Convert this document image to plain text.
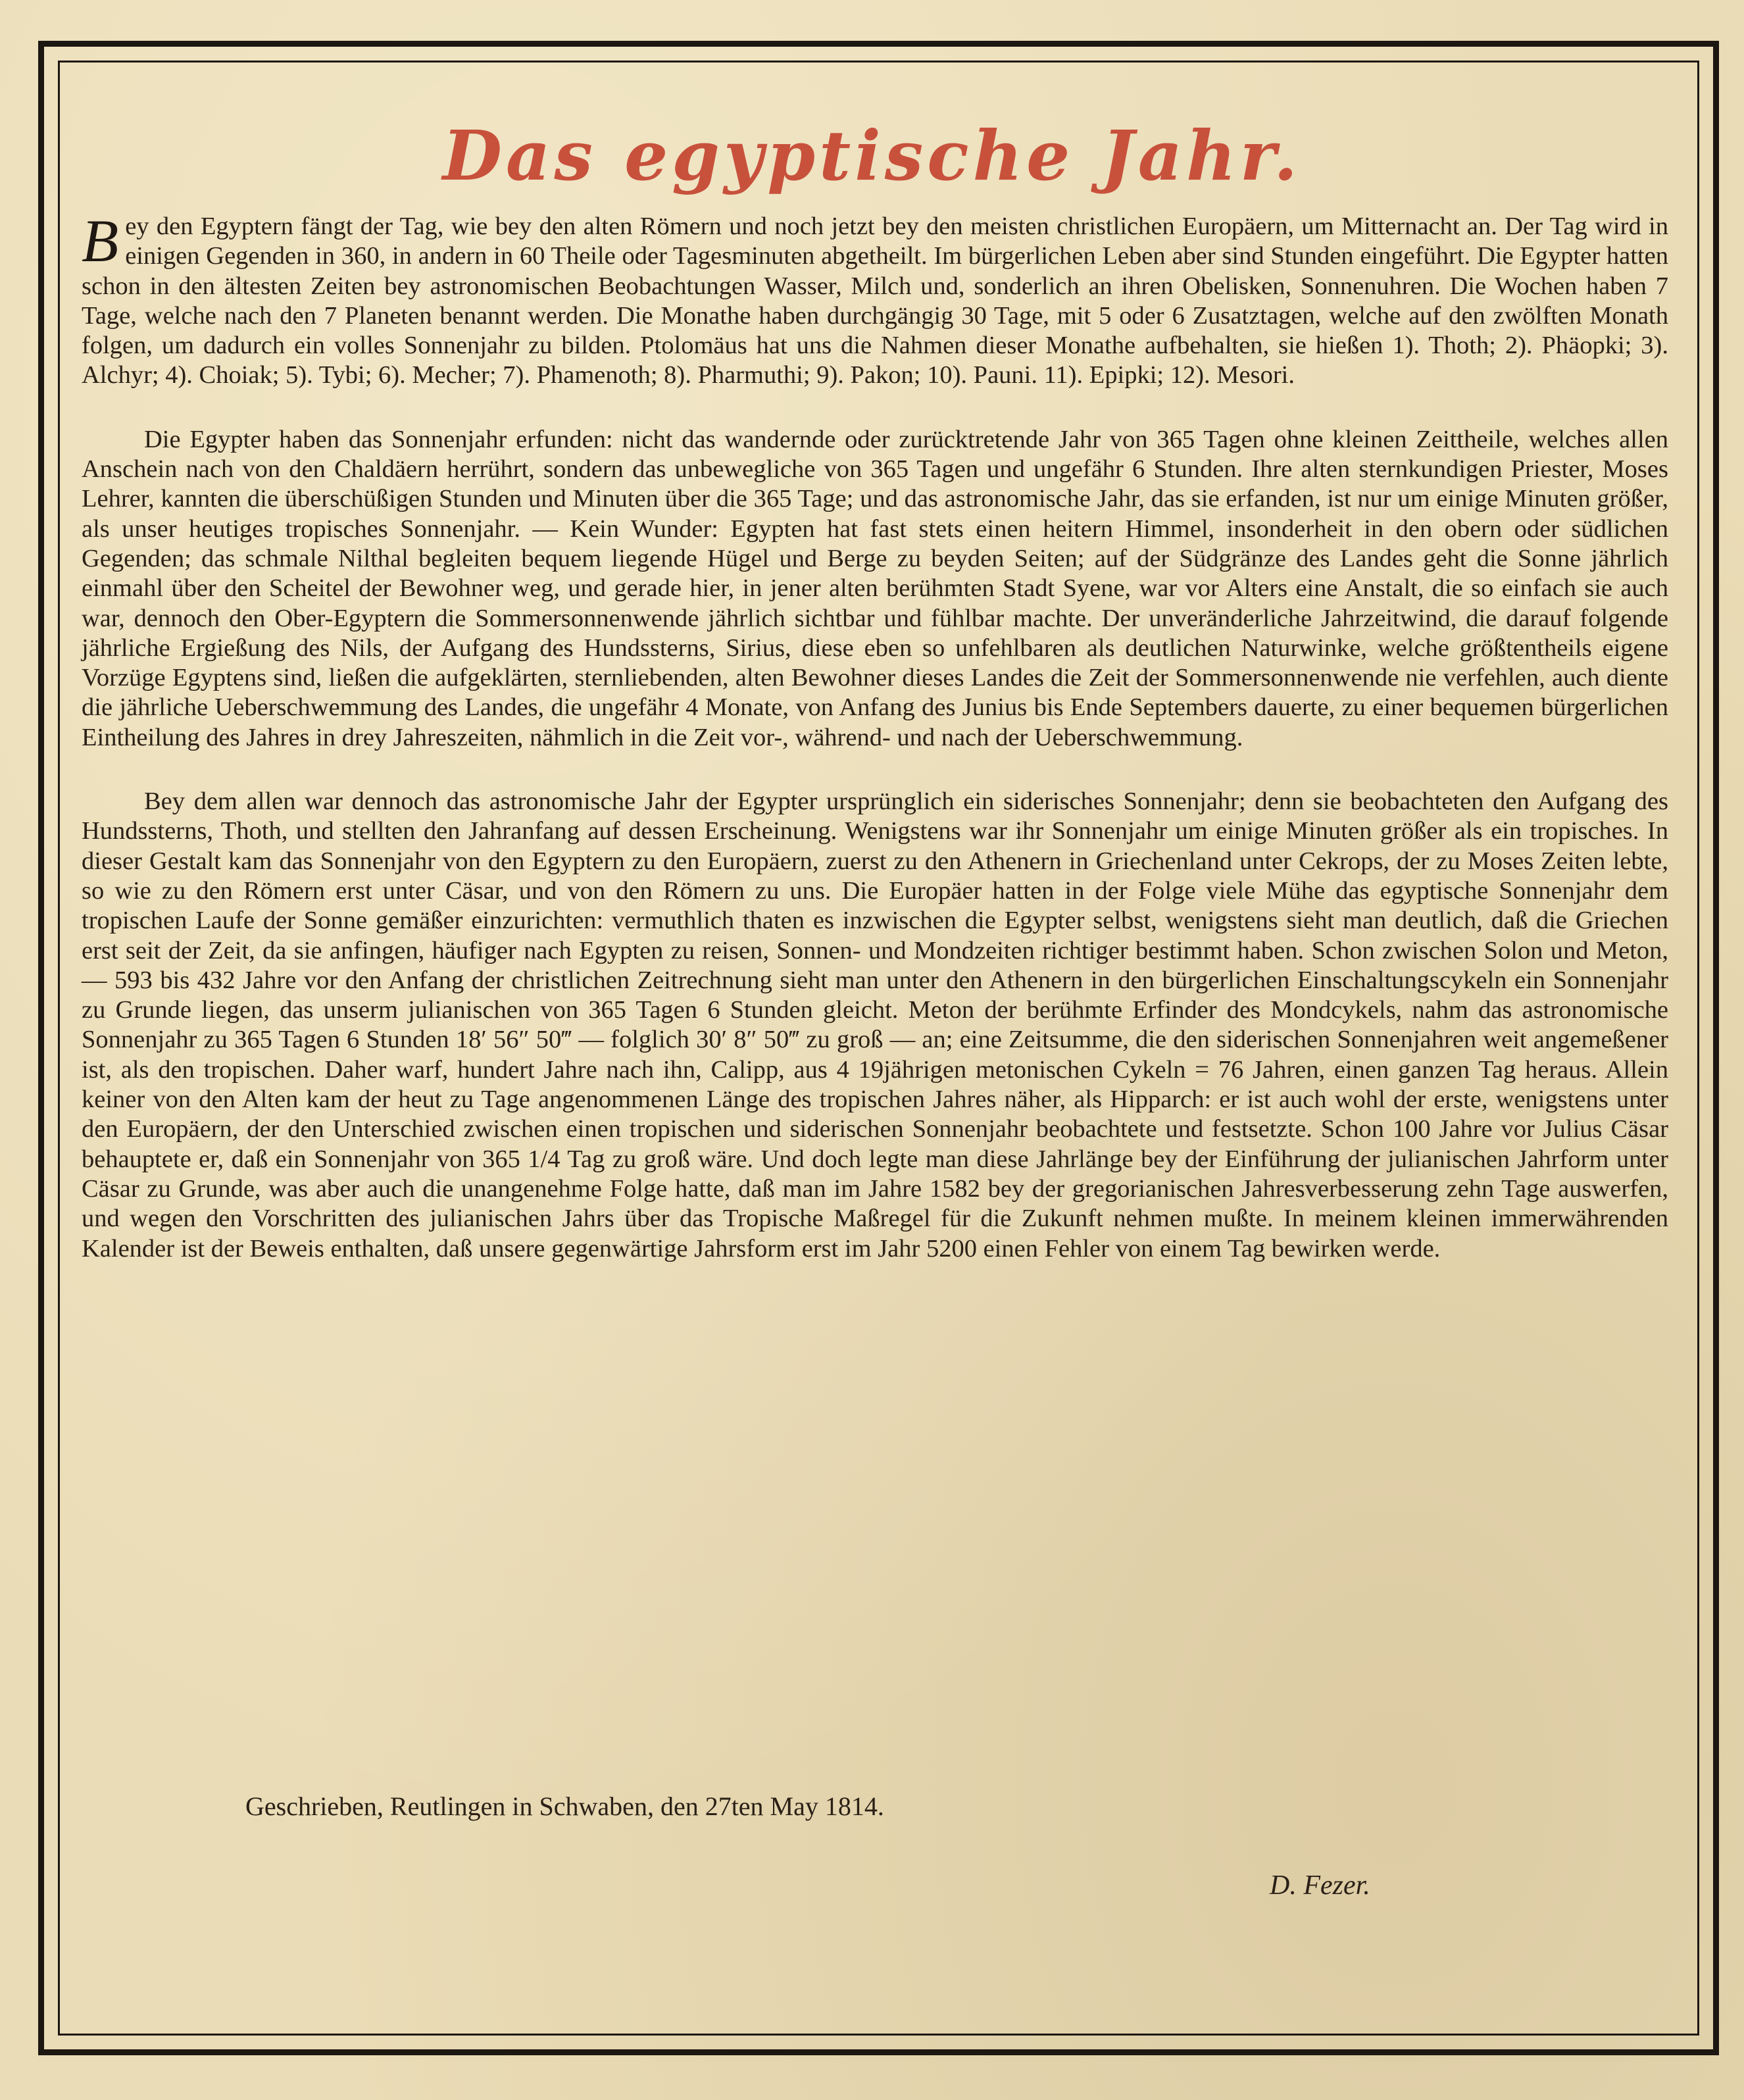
Das egyptische Jahr.

Bey den Egyptern fängt der Tag, wie bey den alten Römern und noch jetzt bey den meisten christlichen Europäern, um Mitternacht an. Der Tag wird in einigen Gegenden in 360, in andern in 60 Theile oder Tagesminuten abgetheilt. Im bürgerlichen Leben aber sind Stunden eingeführt. Die Egypter hatten schon in den ältesten Zeiten bey astronomischen Beobachtungen Wasser, Milch und, sonderlich an ihren Obelisken, Sonnenuhren. Die Wochen haben 7 Tage, welche nach den 7 Planeten benannt werden. Die Monathe haben durchgängig 30 Tage, mit 5 oder 6 Zusatztagen, welche auf den zwölften Monath folgen, um dadurch ein volles Sonnenjahr zu bilden. Ptolomäus hat uns die Nahmen dieser Monathe aufbehalten, sie hießen 1). Thoth; 2). Phäopki; 3). Alchyr; 4). Choiak; 5). Tybi; 6). Mecher; 7). Phamenoth; 8). Pharmuthi; 9). Pakon; 10). Pauni. 11). Epipki; 12). Mesori.

Die Egypter haben das Sonnenjahr erfunden: nicht das wandernde oder zurücktretende Jahr von 365 Tagen ohne kleinen Zeittheile, welches allen Anschein nach von den Chaldäern herrührt, sondern das unbewegliche von 365 Tagen und ungefähr 6 Stunden. Ihre alten sternkundigen Priester, Moses Lehrer, kannten die überschüßigen Stunden und Minuten über die 365 Tage; und das astronomische Jahr, das sie erfanden, ist nur um einige Minuten größer, als unser heutiges tropisches Sonnenjahr. — Kein Wunder: Egypten hat fast stets einen heitern Himmel, insonderheit in den obern oder südlichen Gegenden; das schmale Nilthal begleiten bequem liegende Hügel und Berge zu beyden Seiten; auf der Südgränze des Landes geht die Sonne jährlich einmahl über den Scheitel der Bewohner weg, und gerade hier, in jener alten berühmten Stadt Syene, war vor Alters eine Anstalt, die so einfach sie auch war, dennoch den Ober-Egyptern die Sommersonnenwende jährlich sichtbar und fühlbar machte. Der unveränderliche Jahrzeitwind, die darauf folgende jährliche Ergießung des Nils, der Aufgang des Hundssterns, Sirius, diese eben so unfehlbaren als deutlichen Naturwinke, welche größtentheils eigene Vorzüge Egyptens sind, ließen die aufgeklärten, sternliebenden, alten Bewohner dieses Landes die Zeit der Sommersonnenwende nie verfehlen, auch diente die jährliche Ueberschwemmung des Landes, die ungefähr 4 Monate, von Anfang des Junius bis Ende Septembers dauerte, zu einer bequemen bürgerlichen Eintheilung des Jahres in drey Jahreszeiten, nähmlich in die Zeit vor-, während- und nach der Ueberschwemmung.

Bey dem allen war dennoch das astronomische Jahr der Egypter ursprünglich ein siderisches Sonnenjahr; denn sie beobachteten den Aufgang des Hundssterns, Thoth, und stellten den Jahranfang auf dessen Erscheinung. Wenigstens war ihr Sonnenjahr um einige Minuten größer als ein tropisches. In dieser Gestalt kam das Sonnenjahr von den Egyptern zu den Europäern, zuerst zu den Athenern in Griechenland unter Cekrops, der zu Moses Zeiten lebte, so wie zu den Römern erst unter Cäsar, und von den Römern zu uns. Die Europäer hatten in der Folge viele Mühe das egyptische Sonnenjahr dem tropischen Laufe der Sonne gemäßer einzurichten: vermuthlich thaten es inzwischen die Egypter selbst, wenigstens sieht man deutlich, daß die Griechen erst seit der Zeit, da sie anfingen, häufiger nach Egypten zu reisen, Sonnen- und Mondzeiten richtiger bestimmt haben. Schon zwischen Solon und Meton, — 593 bis 432 Jahre vor den Anfang der christlichen Zeitrechnung sieht man unter den Athenern in den bürgerlichen Einschaltungscykeln ein Sonnenjahr zu Grunde liegen, das unserm julianischen von 365 Tagen 6 Stunden gleicht. Meton der berühmte Erfinder des Mondcykels, nahm das astronomische Sonnenjahr zu 365 Tagen 6 Stunden 18′ 56″ 50‴ — folglich 30′ 8″ 50‴ zu groß — an; eine Zeitsumme, die den siderischen Sonnenjahren weit angemeßener ist, als den tropischen. Daher warf, hundert Jahre nach ihn, Calipp, aus 4 19jährigen metonischen Cykeln = 76 Jahren, einen ganzen Tag heraus. Allein keiner von den Alten kam der heut zu Tage angenommenen Länge des tropischen Jahres näher, als Hipparch: er ist auch wohl der erste, wenigstens unter den Europäern, der den Unterschied zwischen einen tropischen und siderischen Sonnenjahr beobachtete und festsetzte. Schon 100 Jahre vor Julius Cäsar behauptete er, daß ein Sonnenjahr von 365 1/4 Tag zu groß wäre. Und doch legte man diese Jahrlänge bey der Einführung der julianischen Jahrform unter Cäsar zu Grunde, was aber auch die unangenehme Folge hatte, daß man im Jahre 1582 bey der gregorianischen Jahresverbesserung zehn Tage auswerfen, und wegen den Vorschritten des julianischen Jahrs über das Tropische Maßregel für die Zukunft nehmen mußte. In meinem kleinen immerwährenden Kalender ist der Beweis enthalten, daß unsere gegenwärtige Jahrsform erst im Jahr 5200 einen Fehler von einem Tag bewirken werde.

Geschrieben, Reutlingen in Schwaben, den 27ten May 1814.

D. Fezer.
